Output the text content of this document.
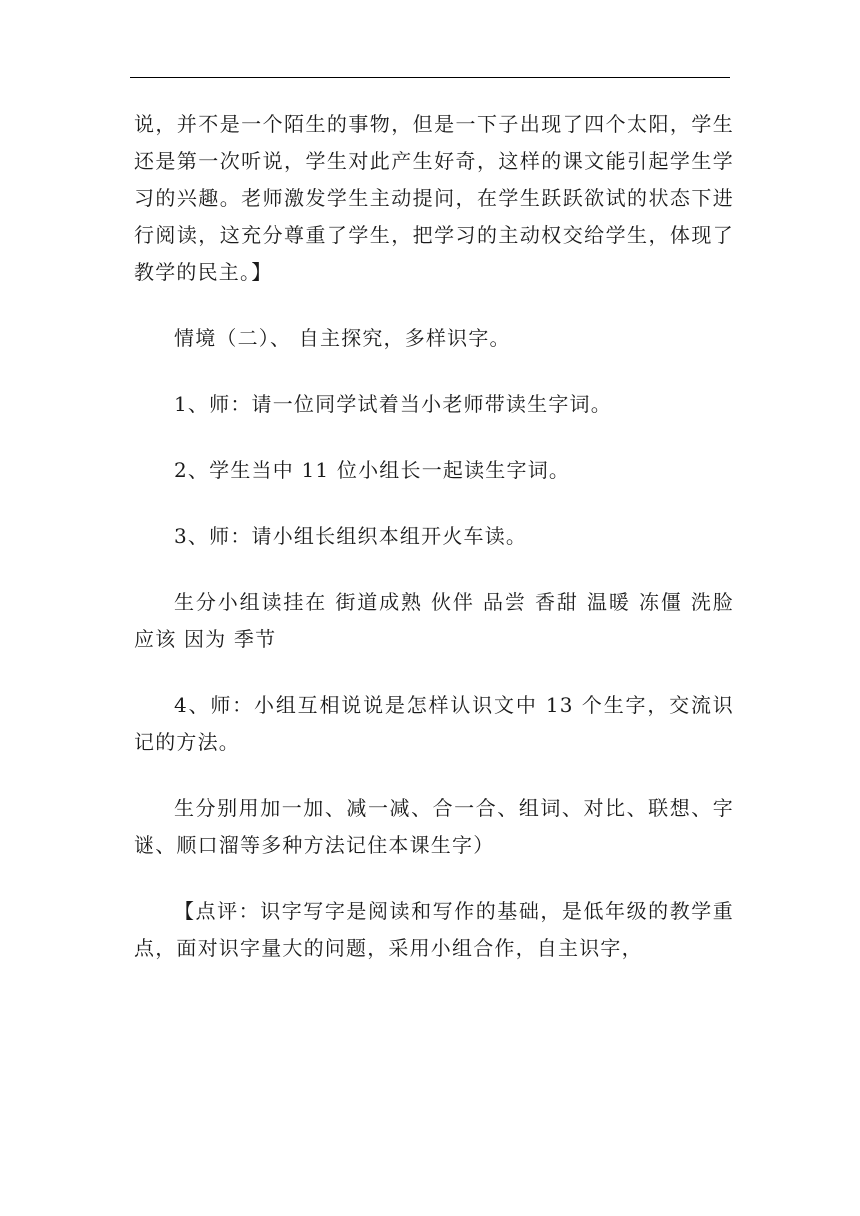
说，并不是一个陌生的事物，但是一下子出现了四个太阳，学生还是第一次听说，学生对此产生好奇，这样的课文能引起学生学习的兴趣。老师激发学生主动提问，在学生跃跃欲试的状态下进行阅读，这充分尊重了学生，把学习的主动权交给学生，体现了教学的民主。】

情境（二）、 自主探究，多样识字。

1、师：请一位同学试着当小老师带读生字词。

2、学生当中 11 位小组长一起读生字词。

3、师：请小组长组织本组开火车读。

生分小组读挂在 街道成熟 伙伴 品尝 香甜 温暖 冻僵 洗脸 应该 因为 季节

4、师：小组互相说说是怎样认识文中 13 个生字，交流识记的方法。

生分别用加一加、减一减、合一合、组词、对比、联想、字谜、顺口溜等多种方法记住本课生字）

【点评：识字写字是阅读和写作的基础，是低年级的教学重点，面对识字量大的问题，采用小组合作，自主识字，
